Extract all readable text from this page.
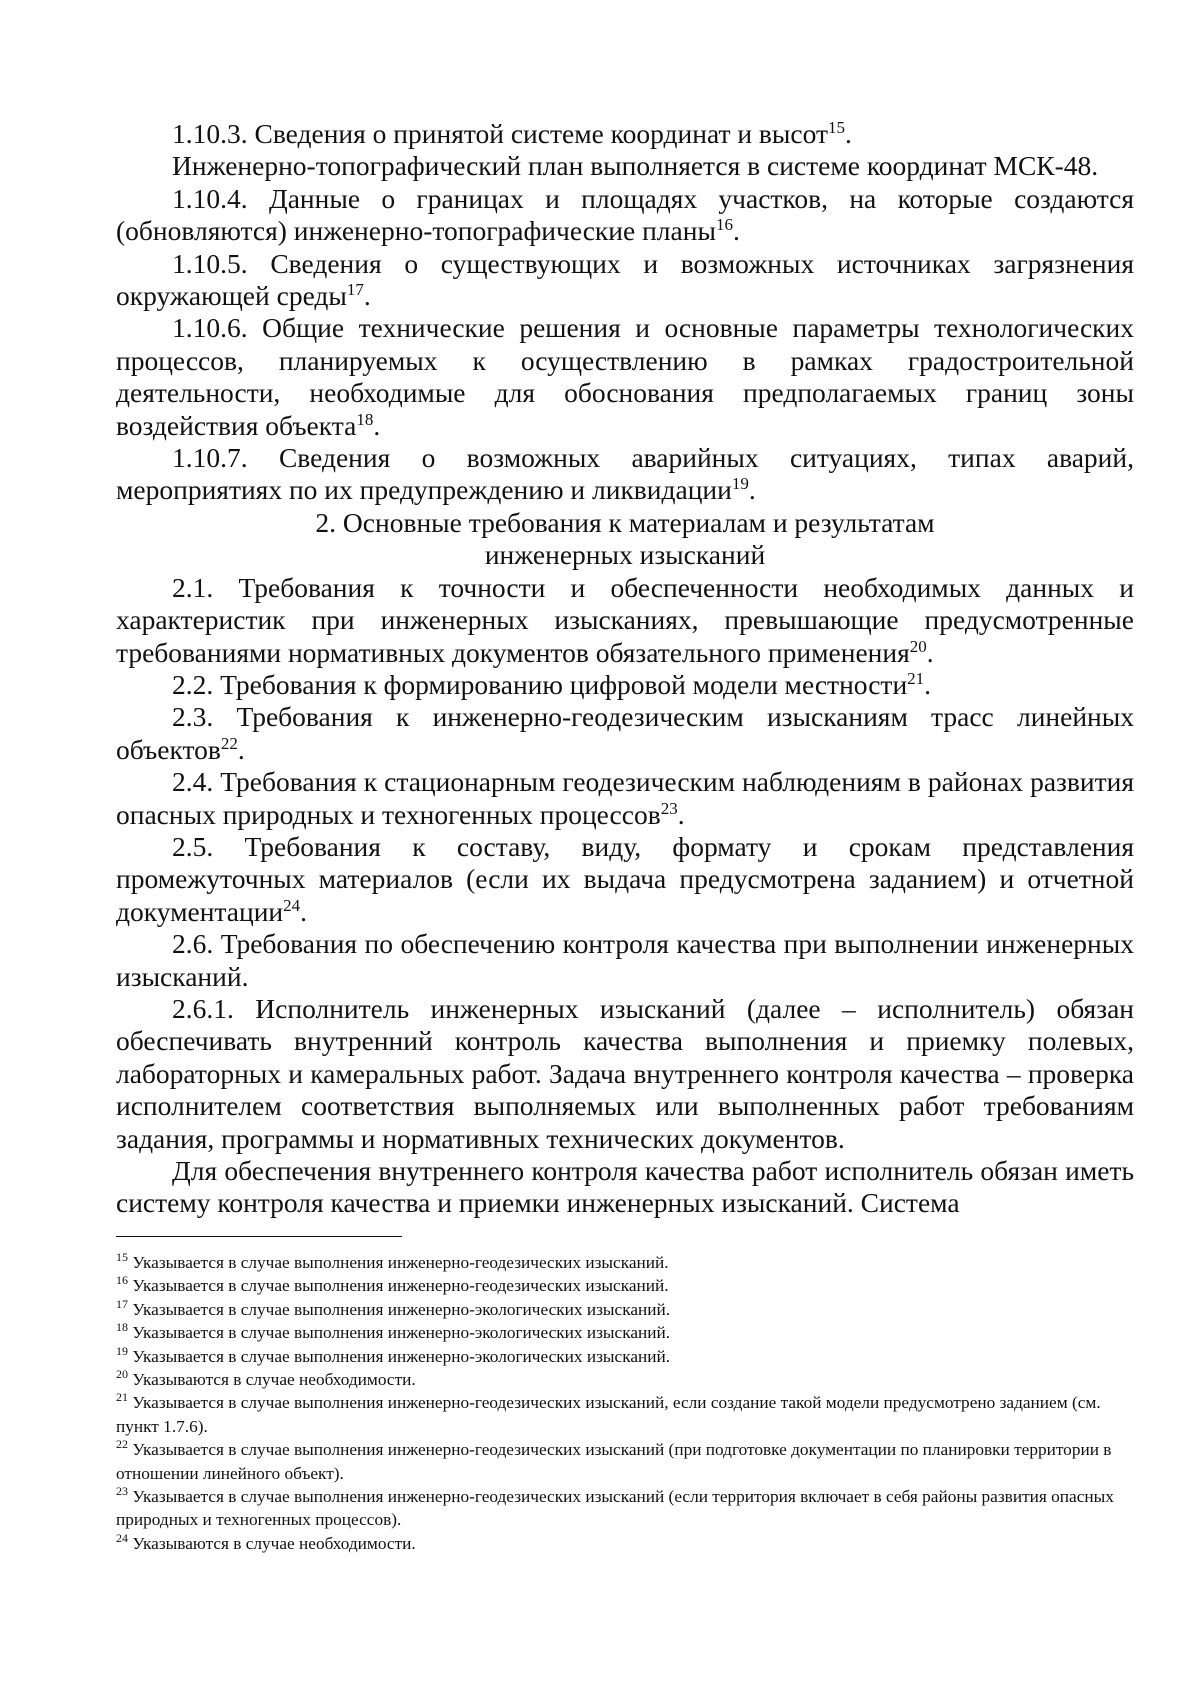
1.10.3. Сведения о принятой системе координат и высот$^{15}$.

Инженерно-топографический план выполняется в системе координат МСК-48.

1.10.4. Данные о границах и площадях участков, на которые создаются (обновляются) инженерно-топографические планы$^{16}$.

1.10.5. Сведения о существующих и возможных источниках загрязнения окружающей среды$^{17}$.

1.10.6. Общие технические решения и основные параметры технологических процессов, планируемых к осуществлению в рамках градостроительной деятельности, необходимые для обоснования предполагаемых границ зоны воздействия объекта$^{18}$.

1.10.7. Сведения о возможных аварийных ситуациях, типах аварий, мероприятиях по их предупреждению и ликвидации$^{19}$.

2. Основные требования к материалам и результатам
инженерных изысканий

2.1. Требования к точности и обеспеченности необходимых данных и характеристик при инженерных изысканиях, превышающие предусмотренные требованиями нормативных документов обязательного применения$^{20}$.

2.2. Требования к формированию цифровой модели местности$^{21}$.

2.3. Требования к инженерно-геодезическим изысканиям трасс линейных объектов$^{22}$.

2.4. Требования к стационарным геодезическим наблюдениям в районах развития опасных природных и техногенных процессов$^{23}$.

2.5. Требования к составу, виду, формату и срокам представления промежуточных материалов (если их выдача предусмотрена заданием) и отчетной документации$^{24}$.

2.6. Требования по обеспечению контроля качества при выполнении инженерных изысканий.

2.6.1. Исполнитель инженерных изысканий (далее – исполнитель) обязан обеспечивать внутренний контроль качества выполнения и приемку полевых, лабораторных и камеральных работ. Задача внутреннего контроля качества – проверка исполнителем соответствия выполняемых или выполненных работ требованиям задания, программы и нормативных технических документов.

Для обеспечения внутреннего контроля качества работ исполнитель обязан иметь систему контроля качества и приемки инженерных изысканий. Система

$^{15}$ Указывается в случае выполнения инженерно-геодезических изысканий.

$^{16}$ Указывается в случае выполнения инженерно-геодезических изысканий.

$^{17}$ Указывается в случае выполнения инженерно-экологических изысканий.

$^{18}$ Указывается в случае выполнения инженерно-экологических изысканий.

$^{19}$ Указывается в случае выполнения инженерно-экологических изысканий.

$^{20}$ Указываются в случае необходимости.

$^{21}$ Указывается в случае выполнения инженерно-геодезических изысканий, если создание такой модели предусмотрено заданием (см. пункт 1.7.6).

$^{22}$ Указывается в случае выполнения инженерно-геодезических изысканий (при подготовке документации по планировки территории в отношении линейного объект).

$^{23}$ Указывается в случае выполнения инженерно-геодезических изысканий (если территория включает в себя районы развития опасных природных и техногенных процессов).

$^{24}$ Указываются в случае необходимости.
